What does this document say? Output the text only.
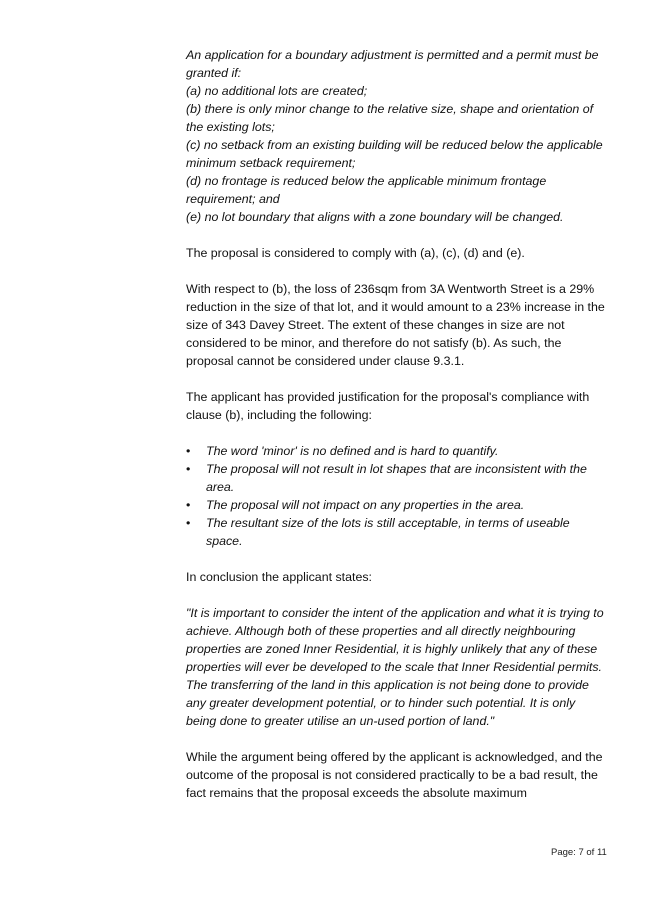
An application for a boundary adjustment is permitted and a permit must be granted if:

(a) no additional lots are created;

(b) there is only minor change to the relative size, shape and orientation of the existing lots;

(c) no setback from an existing building will be reduced below the applicable minimum setback requirement;

(d) no frontage is reduced below the applicable minimum frontage requirement; and

(e) no lot boundary that aligns with a zone boundary will be changed.

The proposal is considered to comply with (a), (c), (d) and (e).

With respect to (b), the loss of 236sqm from 3A Wentworth Street is a 29% reduction in the size of that lot, and it would amount to a 23% increase in the size of 343 Davey Street. The extent of these changes in size are not considered to be minor, and therefore do not satisfy (b). As such, the proposal cannot be considered under clause 9.3.1.

The applicant has provided justification for the proposal's compliance with clause (b), including the following:

• The word 'minor' is no defined and is hard to quantify.
• The proposal will not result in lot shapes that are inconsistent with the area.
• The proposal will not impact on any properties in the area.
• The resultant size of the lots is still acceptable, in terms of useable space.

In conclusion the applicant states:

"It is important to consider the intent of the application and what it is trying to achieve. Although both of these properties and all directly neighbouring properties are zoned Inner Residential, it is highly unlikely that any of these properties will ever be developed to the scale that Inner Residential permits. The transferring of the land in this application is not being done to provide any greater development potential, or to hinder such potential. It is only being done to greater utilise an un-used portion of land."

While the argument being offered by the applicant is acknowledged, and the outcome of the proposal is not considered practically to be a bad result, the fact remains that the proposal exceeds the absolute maximum

Page: 7 of 11
